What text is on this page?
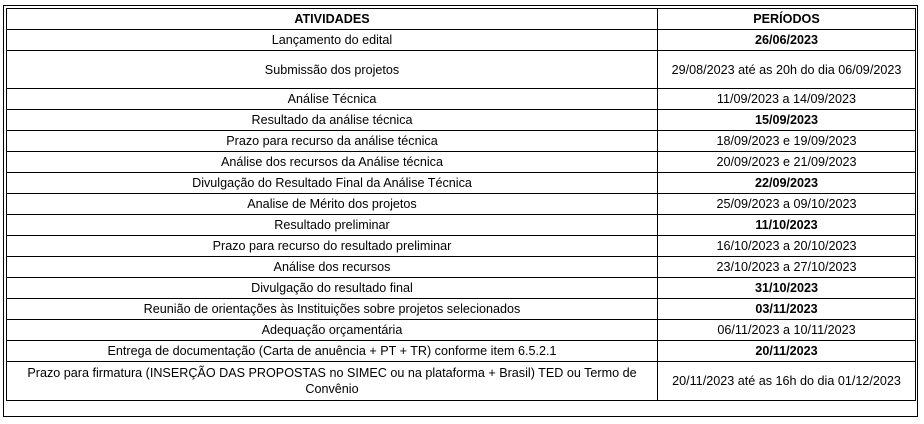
ATIVIDADES	PERÍODOS
Lançamento do edital	26/06/2023
Submissão dos projetos	29/08/2023 até as 20h do dia 06/09/2023
Análise Técnica	11/09/2023 a 14/09/2023
Resultado da análise técnica	15/09/2023
Prazo para recurso da análise técnica	18/09/2023 e 19/09/2023
Análise dos recursos da Análise técnica	20/09/2023 e 21/09/2023
Divulgação do Resultado Final da Análise Técnica	22/09/2023
Analise de Mérito dos projetos	25/09/2023 a 09/10/2023
Resultado preliminar	11/10/2023
Prazo para recurso do resultado preliminar	16/10/2023 a 20/10/2023
Análise dos recursos	23/10/2023 a 27/10/2023
Divulgação do resultado final	31/10/2023
Reunião de orientações às Instituições sobre projetos selecionados	03/11/2023
Adequação orçamentária	06/11/2023 a 10/11/2023
Entrega de documentação (Carta de anuência + PT + TR) conforme item 6.5.2.1	20/11/2023
Prazo para firmatura (INSERÇÃO DAS PROPOSTAS no SIMEC ou na plataforma + Brasil) TED ou Termo de Convênio	20/11/2023 até as 16h do dia 01/12/2023
